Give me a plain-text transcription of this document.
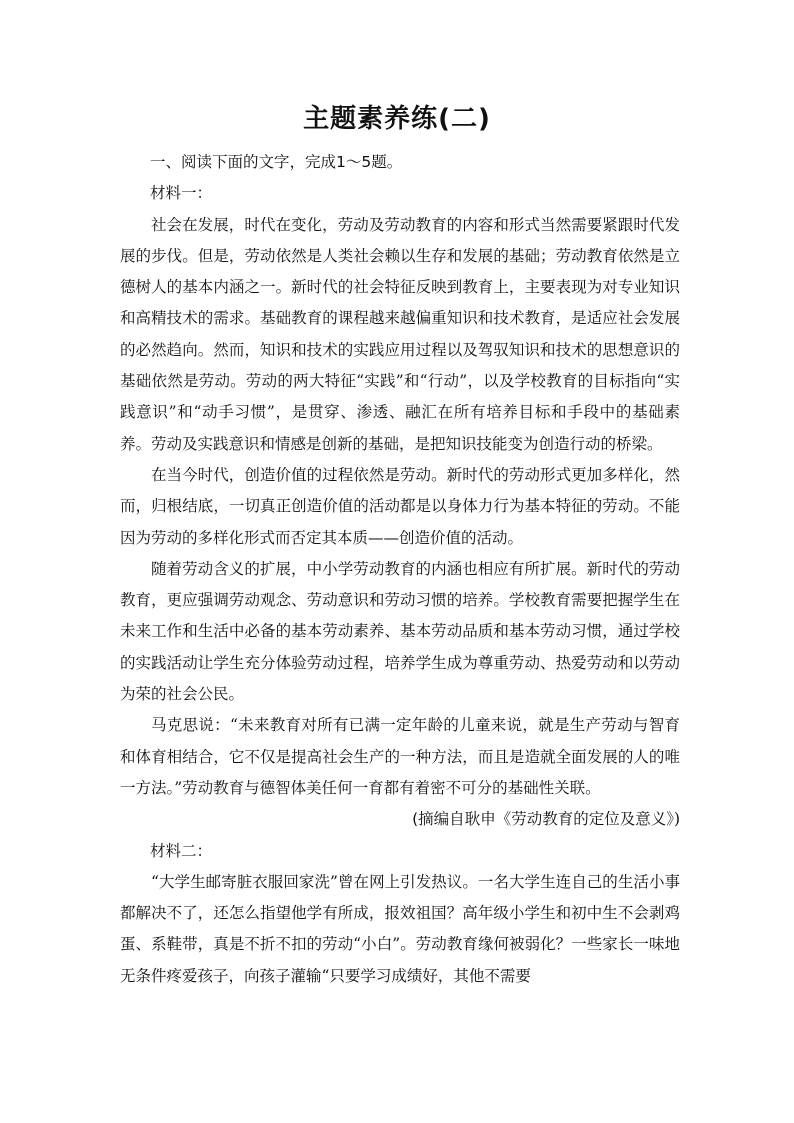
主题素养练(二)

一、阅读下面的文字，完成1～5题。

材料一：

社会在发展，时代在变化，劳动及劳动教育的内容和形式当然需要紧跟时代发展的步伐。但是，劳动依然是人类社会赖以生存和发展的基础；劳动教育依然是立德树人的基本内涵之一。新时代的社会特征反映到教育上，主要表现为对专业知识和高精技术的需求。基础教育的课程越来越偏重知识和技术教育，是适应社会发展的必然趋向。然而，知识和技术的实践应用过程以及驾驭知识和技术的思想意识的基础依然是劳动。劳动的两大特征“实践”和“行动”，以及学校教育的目标指向“实践意识”和“动手习惯”，是贯穿、渗透、融汇在所有培养目标和手段中的基础素养。劳动及实践意识和情感是创新的基础，是把知识技能变为创造行动的桥梁。

在当今时代，创造价值的过程依然是劳动。新时代的劳动形式更加多样化，然而，归根结底，一切真正创造价值的活动都是以身体力行为基本特征的劳动。不能因为劳动的多样化形式而否定其本质——创造价值的活动。

随着劳动含义的扩展，中小学劳动教育的内涵也相应有所扩展。新时代的劳动教育，更应强调劳动观念、劳动意识和劳动习惯的培养。学校教育需要把握学生在未来工作和生活中必备的基本劳动素养、基本劳动品质和基本劳动习惯，通过学校的实践活动让学生充分体验劳动过程，培养学生成为尊重劳动、热爱劳动和以劳动为荣的社会公民。

马克思说：“未来教育对所有已满一定年龄的儿童来说，就是生产劳动与智育和体育相结合，它不仅是提高社会生产的一种方法，而且是造就全面发展的人的唯一方法。”劳动教育与德智体美任何一育都有着密不可分的基础性关联。

(摘编自耿申《劳动教育的定位及意义》)

材料二：

“大学生邮寄脏衣服回家洗”曾在网上引发热议。一名大学生连自己的生活小事都解决不了，还怎么指望他学有所成，报效祖国？高年级小学生和初中生不会剥鸡蛋、系鞋带，真是不折不扣的劳动“小白”。劳动教育缘何被弱化？一些家长一味地无条件疼爱孩子，向孩子灌输“只要学习成绩好，其他不需要
